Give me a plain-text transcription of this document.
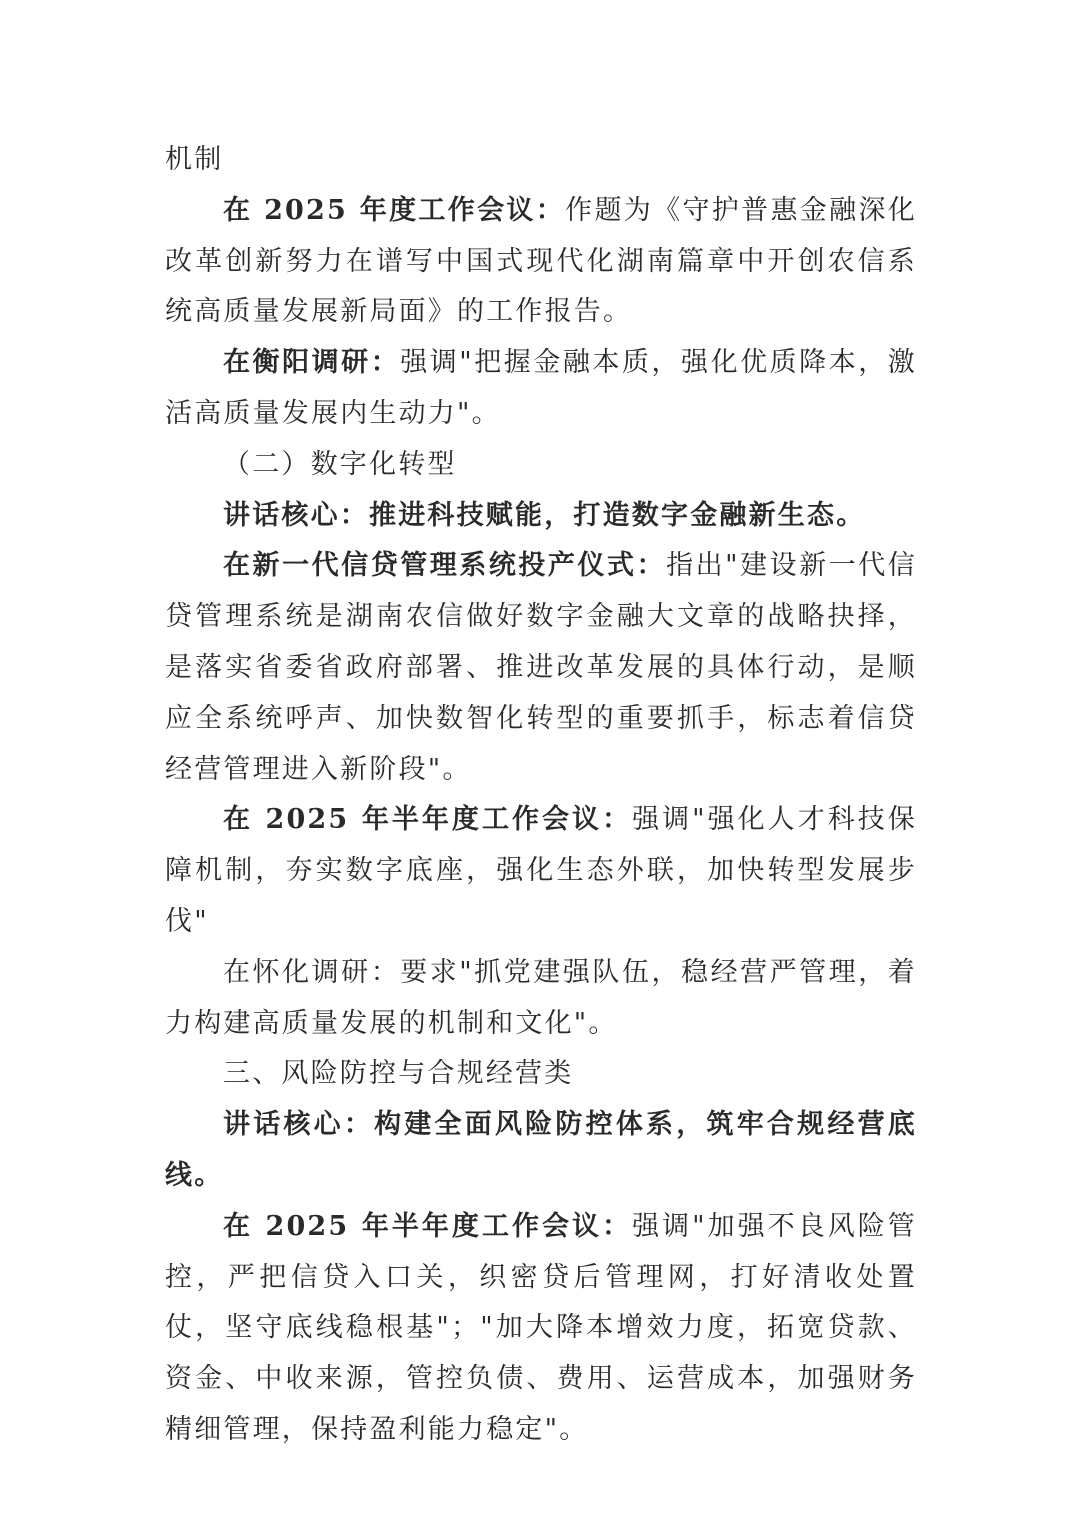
机制

在 2025 年度工作会议：作题为《守护普惠金融深化改革创新努力在谱写中国式现代化湖南篇章中开创农信系统高质量发展新局面》的工作报告。

在衡阳调研：强调"把握金融本质，强化优质降本，激活高质量发展内生动力"。

（二）数字化转型

讲话核心：推进科技赋能，打造数字金融新生态。

在新一代信贷管理系统投产仪式：指出"建设新一代信贷管理系统是湖南农信做好数字金融大文章的战略抉择，是落实省委省政府部署、推进改革发展的具体行动，是顺应全系统呼声、加快数智化转型的重要抓手，标志着信贷经营管理进入新阶段"。

在 2025 年半年度工作会议：强调"强化人才科技保障机制，夯实数字底座，强化生态外联，加快转型发展步伐"

在怀化调研：要求"抓党建强队伍，稳经营严管理，着力构建高质量发展的机制和文化"。

三、风险防控与合规经营类

讲话核心：构建全面风险防控体系，筑牢合规经营底线。

在 2025 年半年度工作会议：强调"加强不良风险管控，严把信贷入口关，织密贷后管理网，打好清收处置仗，坚守底线稳根基"；"加大降本增效力度，拓宽贷款、资金、中收来源，管控负债、费用、运营成本，加强财务精细管理，保持盈利能力稳定"。
